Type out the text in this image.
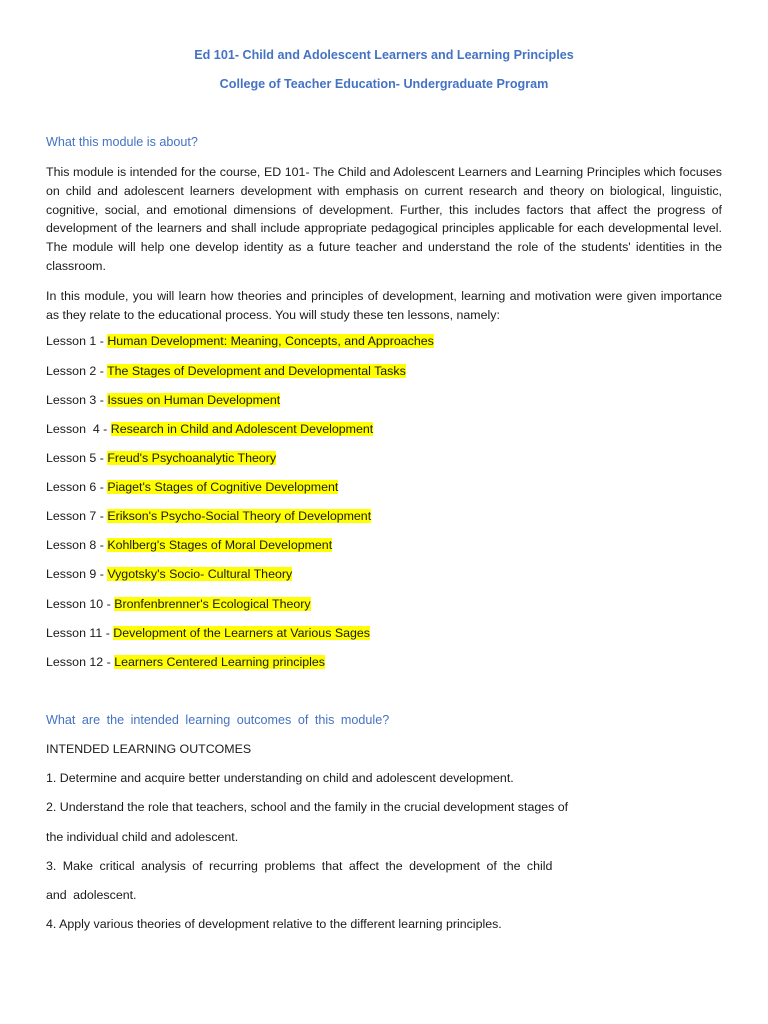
Ed 101- Child and Adolescent Learners and Learning Principles
College of Teacher Education- Undergraduate Program
What this module is about?
This module is intended for the course, ED 101- The Child and Adolescent Learners and Learning Principles which focuses on child and adolescent learners development with emphasis on current research and theory on biological, linguistic, cognitive, social, and emotional dimensions of development. Further, this includes factors that affect the progress of development of the learners and shall include appropriate pedagogical principles applicable for each developmental level. The module will help one develop identity as a future teacher and understand the role of the students' identities in the classroom.
In this module, you will learn how theories and principles of development, learning and motivation were given importance as they relate to the educational process. You will study these ten lessons, namely:
Lesson 1 - Human Development: Meaning, Concepts, and Approaches
Lesson 2 - The Stages of Development and Developmental Tasks
Lesson 3 - Issues on Human Development
Lesson  4 - Research in Child and Adolescent Development
Lesson 5 - Freud's Psychoanalytic Theory
Lesson 6 - Piaget's Stages of Cognitive Development
Lesson 7 - Erikson's Psycho-Social Theory of Development
Lesson 8 - Kohlberg's Stages of Moral Development
Lesson 9 - Vygotsky's Socio- Cultural Theory
Lesson 10 - Bronfenbrenner's Ecological Theory
Lesson 11 - Development of the Learners at Various Sages
Lesson 12 - Learners Centered Learning principles
What are the intended learning outcomes of this module?
INTENDED LEARNING OUTCOMES
1. Determine and acquire better understanding on child and adolescent development.
2. Understand the role that teachers, school and the family in the crucial development stages of
the individual child and adolescent.
3. Make critical analysis of recurring problems that affect the development of the child
and adolescent.
4. Apply various theories of development relative to the different learning principles.
